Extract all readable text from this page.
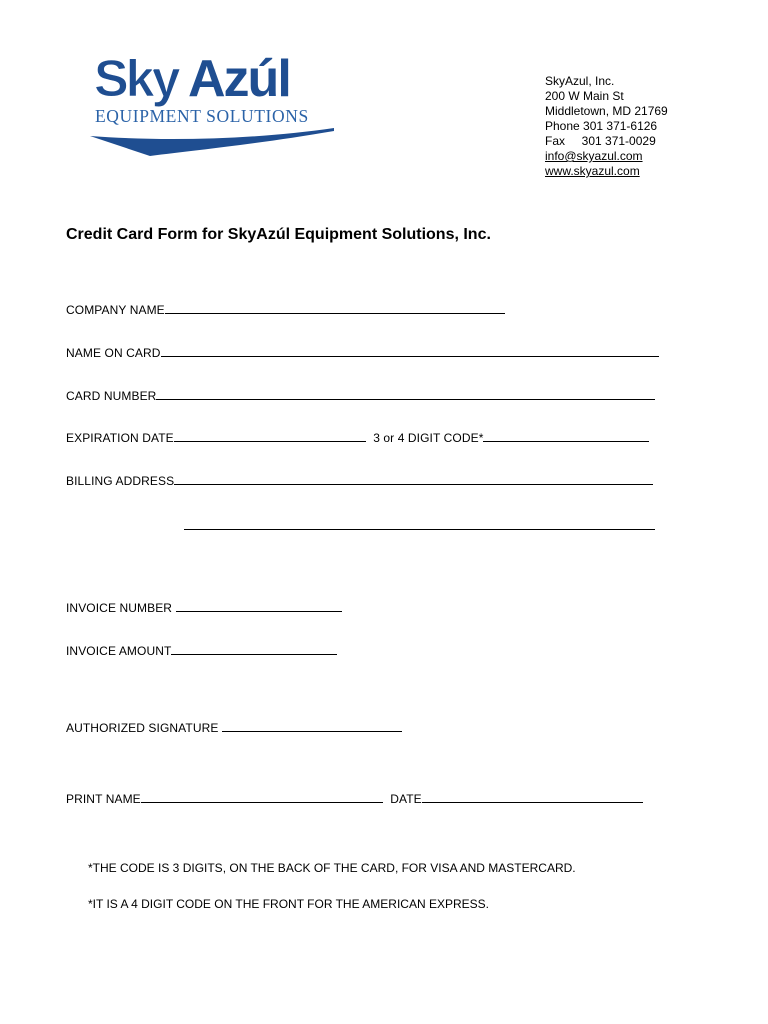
Sky Azúl
EQUIPMENT SOLUTIONS
SkyAzul, Inc.
200 W Main St
Middletown, MD 21769
Phone 301 371-6126
Fax     301 371-0029
info@skyazul.com
www.skyazul.com
Credit Card Form for SkyAzúl Equipment Solutions, Inc.
COMPANY NAME
NAME ON CARD
CARD NUMBER
EXPIRATION DATE	3 or 4 DIGIT CODE*
BILLING ADDRESS
INVOICE NUMBER
INVOICE AMOUNT
AUTHORIZED SIGNATURE
PRINT NAME	DATE
*THE CODE IS 3 DIGITS, ON THE BACK OF THE CARD, FOR VISA AND MASTERCARD.
*IT IS A 4 DIGIT CODE ON THE FRONT FOR THE AMERICAN EXPRESS.
